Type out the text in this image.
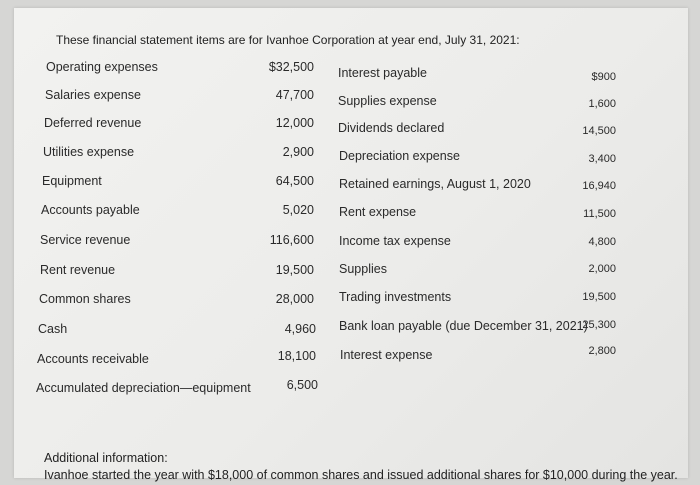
These financial statement items are for Ivanhoe Corporation at year end, July 31, 2021:
Operating expenses
Salaries expense
Deferred revenue
Utilities expense
Equipment
Accounts payable
Service revenue
Rent revenue
Common shares
Cash
Accounts receivable
Accumulated depreciation—equipment
$32,500
47,700
12,000
2,900
64,500
5,020
116,600
19,500
28,000
4,960
18,100
6,500
Interest payable
Supplies expense
Dividends declared
Depreciation expense
Retained earnings, August 1, 2020
Rent expense
Income tax expense
Supplies
Trading investments
Bank loan payable (due December 31, 2021)
Interest expense
$900
1,600
14,500
3,400
16,940
11,500
4,800
2,000
19,500
25,300
2,800
Additional information:
Ivanhoe started the year with $18,000 of common shares and issued additional shares for $10,000 during the year.
